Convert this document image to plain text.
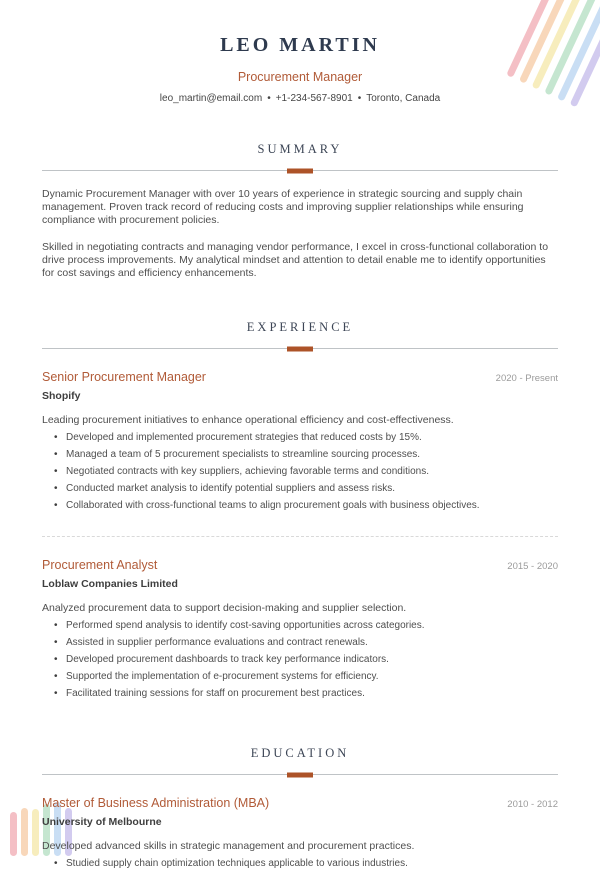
LEO MARTIN
Procurement Manager
leo_martin@email.com • +1-234-567-8901 • Toronto, Canada
SUMMARY

Dynamic Procurement Manager with over 10 years of experience in strategic sourcing and supply chain management. Proven track record of reducing costs and improving supplier relationships while ensuring compliance with procurement policies.

Skilled in negotiating contracts and managing vendor performance, I excel in cross-functional collaboration to drive process improvements. My analytical mindset and attention to detail enable me to identify opportunities for cost savings and efficiency enhancements.

EXPERIENCE
Senior Procurement Manager	2020 - Present
Shopify
Leading procurement initiatives to enhance operational efficiency and cost-effectiveness.
• Developed and implemented procurement strategies that reduced costs by 15%.
• Managed a team of 5 procurement specialists to streamline sourcing processes.
• Negotiated contracts with key suppliers, achieving favorable terms and conditions.
• Conducted market analysis to identify potential suppliers and assess risks.
• Collaborated with cross-functional teams to align procurement goals with business objectives.
Procurement Analyst	2015 - 2020
Loblaw Companies Limited
Analyzed procurement data to support decision-making and supplier selection.
• Performed spend analysis to identify cost-saving opportunities across categories.
• Assisted in supplier performance evaluations and contract renewals.
• Developed procurement dashboards to track key performance indicators.
• Supported the implementation of e-procurement systems for efficiency.
• Facilitated training sessions for staff on procurement best practices.
EDUCATION
Master of Business Administration (MBA)	2010 - 2012
University of Melbourne
Developed advanced skills in strategic management and procurement practices.
• Studied supply chain optimization techniques applicable to various industries.
